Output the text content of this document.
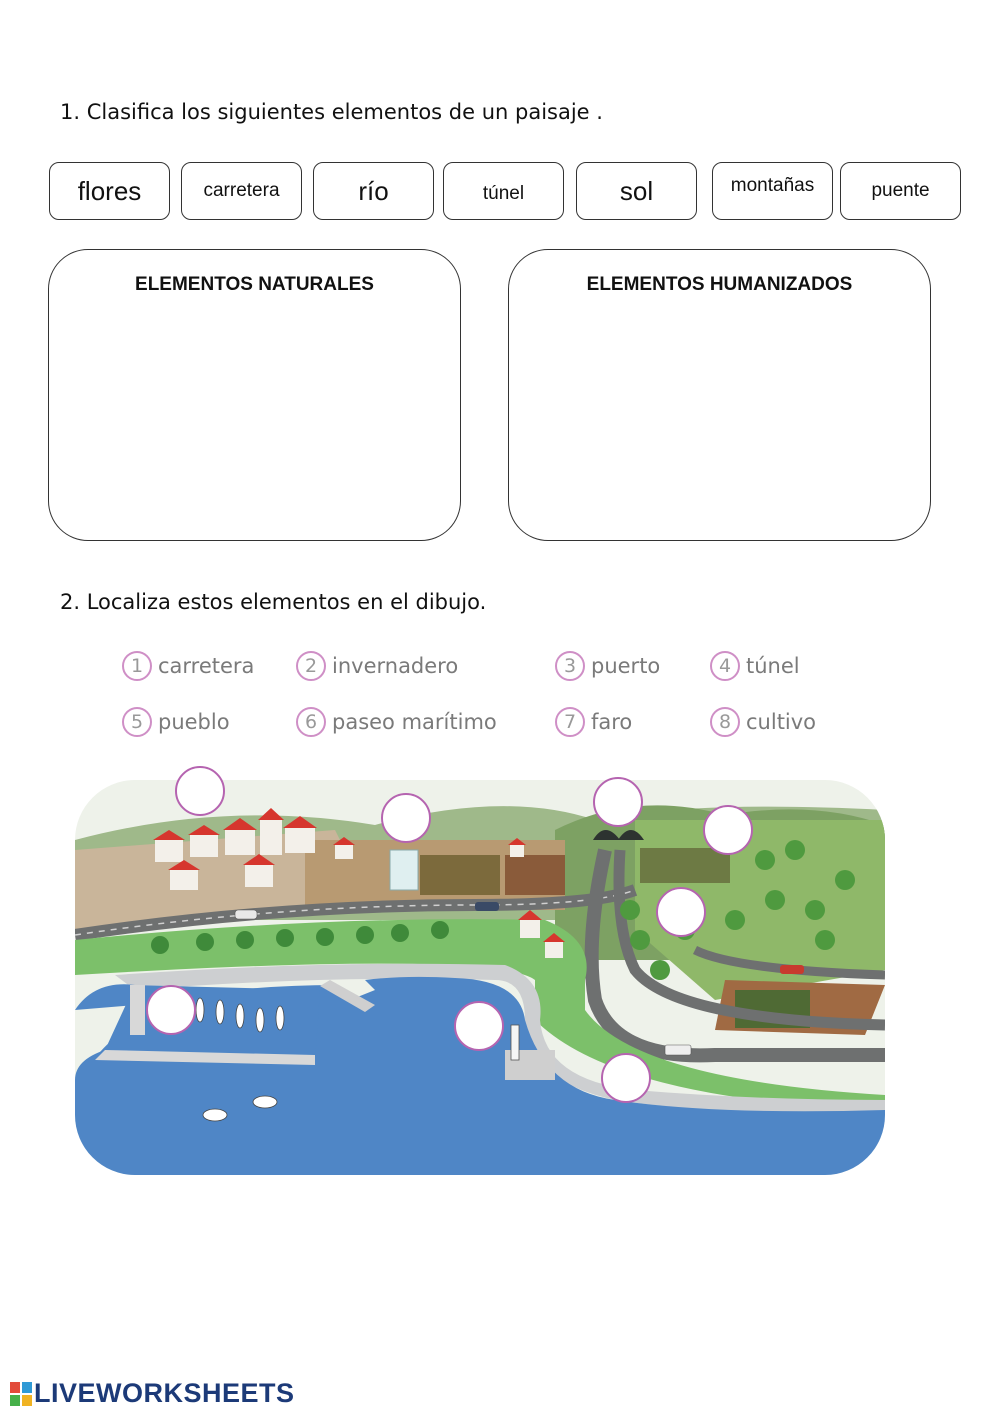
1. Clasifica los siguientes elementos de un paisaje .
flores	carretera	río	túnel	sol	montañas	puente
ELEMENTOS NATURALES	ELEMENTOS HUMANIZADOS
2. Localiza estos elementos en el dibujo.
1 carretera	2 invernadero	3 puerto	4 túnel
5 pueblo	6 paseo marítimo	7 faro	8 cultivo
LIVEWORKSHEETS
